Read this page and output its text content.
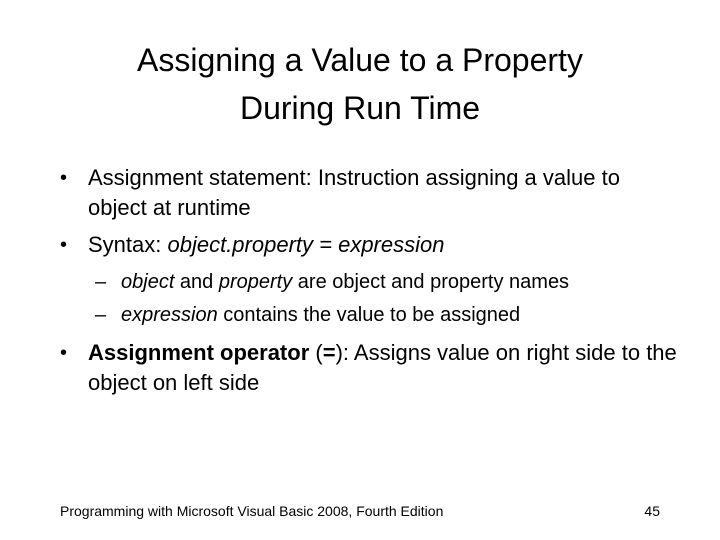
Assigning a Value to a Property
During Run Time
• Assignment statement: Instruction assigning a value to object at runtime
• Syntax: object.property = expression
– object and property are object and property names
– expression contains the value to be assigned
• Assignment operator (=): Assigns value on right side to the object on left side
Programming with Microsoft Visual Basic 2008, Fourth Edition	45
